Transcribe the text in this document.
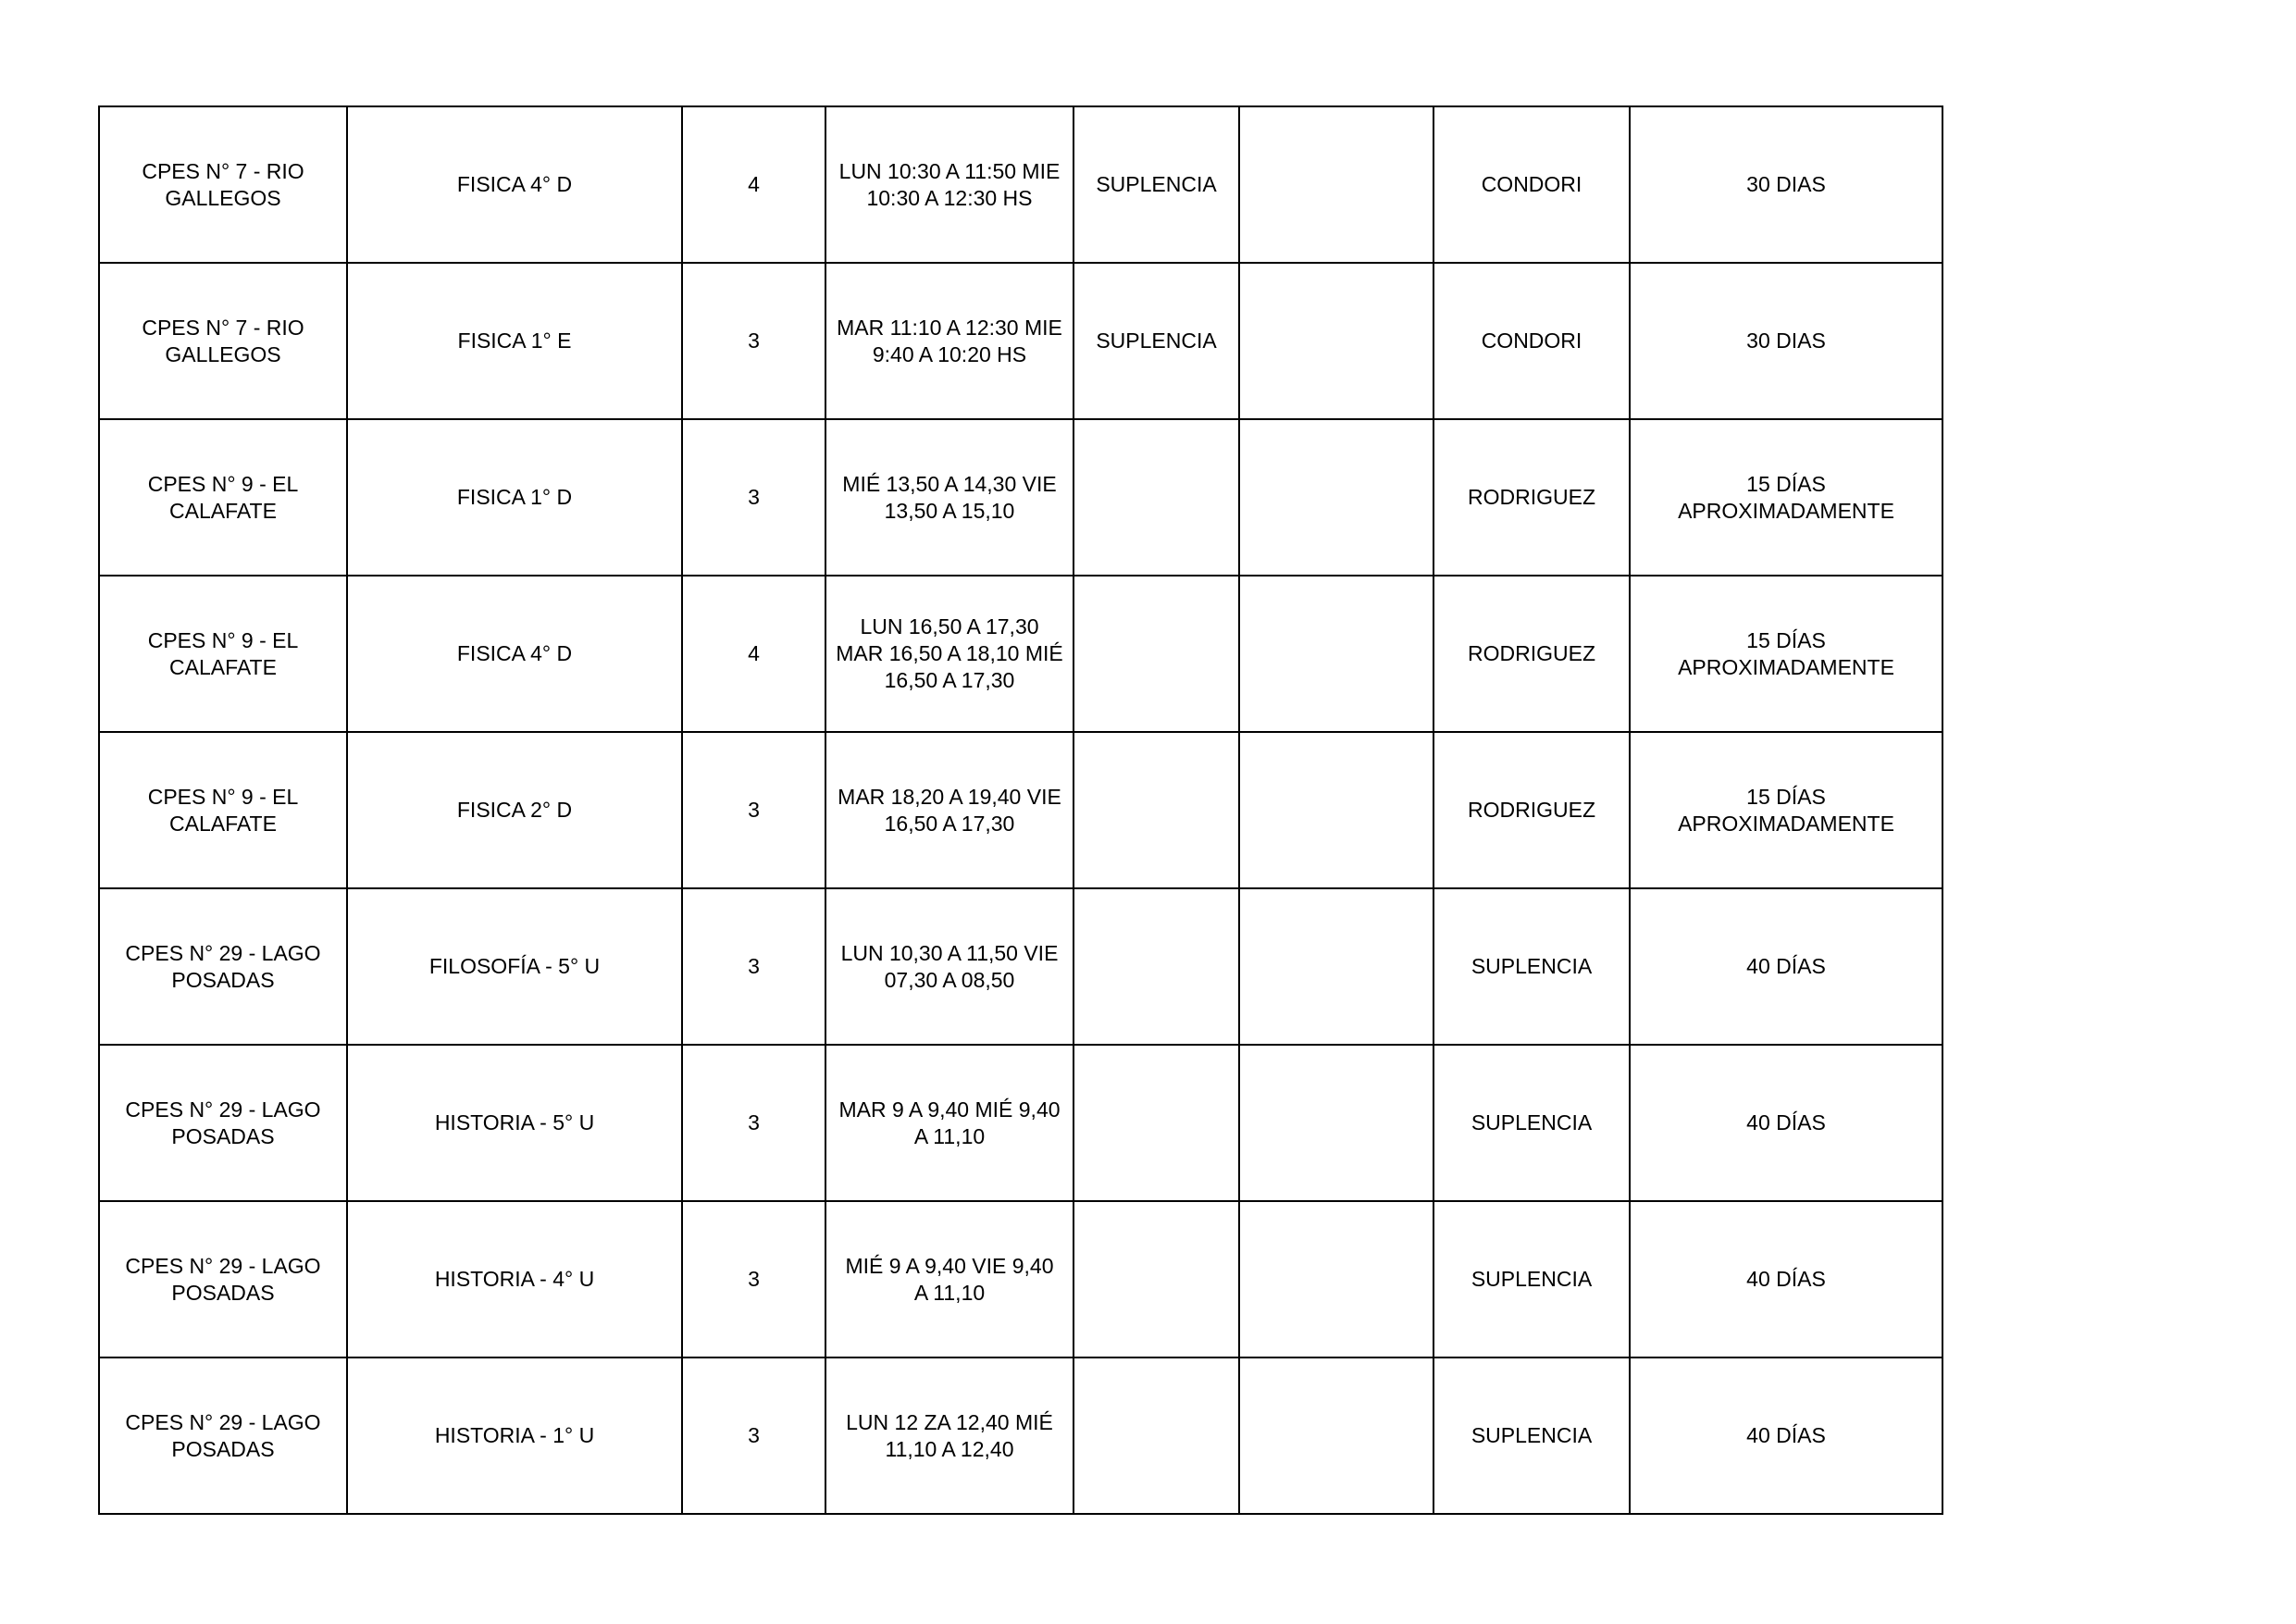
CPES N° 7 - RIO
GALLEGOS	FISICA 4° D	4	LUN 10:30 A 11:50 MIE
10:30 A 12:30 HS	SUPLENCIA		CONDORI	30 DIAS
CPES N° 7 - RIO
GALLEGOS	FISICA 1° E	3	MAR 11:10 A 12:30 MIE
9:40 A 10:20 HS	SUPLENCIA		CONDORI	30 DIAS
CPES N° 9 - EL
CALAFATE	FISICA 1° D	3	MIÉ 13,50 A 14,30 VIE
13,50 A 15,10			RODRIGUEZ	15 DÍAS
APROXIMADAMENTE
CPES N° 9 - EL
CALAFATE	FISICA 4° D	4	LUN 16,50 A 17,30
MAR 16,50 A 18,10 MIÉ
16,50 A 17,30			RODRIGUEZ	15 DÍAS
APROXIMADAMENTE
CPES N° 9 - EL
CALAFATE	FISICA 2° D	3	MAR 18,20 A 19,40 VIE
16,50 A 17,30			RODRIGUEZ	15 DÍAS
APROXIMADAMENTE
CPES N° 29 - LAGO
POSADAS	FILOSOFÍA - 5° U	3	LUN 10,30 A 11,50 VIE
07,30 A 08,50			SUPLENCIA	40 DÍAS
CPES N° 29 - LAGO
POSADAS	HISTORIA - 5° U	3	MAR 9 A 9,40 MIÉ 9,40
A 11,10			SUPLENCIA	40 DÍAS
CPES N° 29 - LAGO
POSADAS	HISTORIA - 4° U	3	MIÉ 9 A 9,40 VIE 9,40
A 11,10			SUPLENCIA	40 DÍAS
CPES N° 29 - LAGO
POSADAS	HISTORIA - 1° U	3	LUN 12 ZA 12,40 MIÉ
11,10 A 12,40			SUPLENCIA	40 DÍAS
